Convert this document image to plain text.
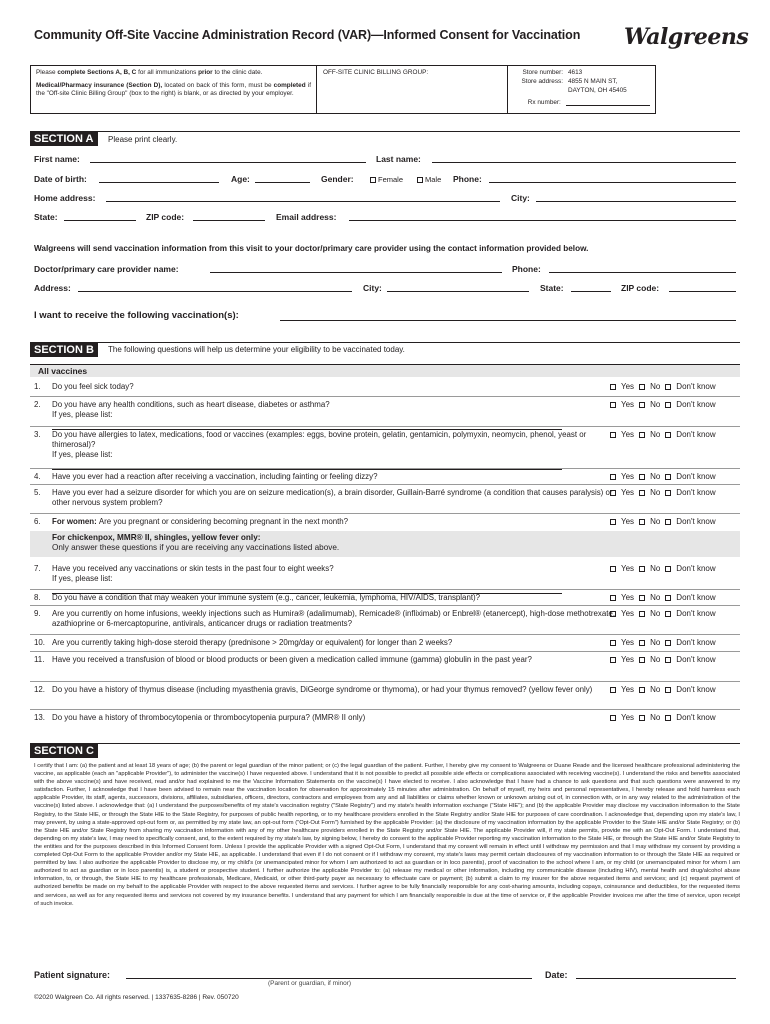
Community Off-Site Vaccine Administration Record (VAR)—Informed Consent for Vaccination Walgreens

Please complete Sections A, B, C for all immunizations prior to the clinic date.

Medical/Pharmacy insurance (Section D), located on back of this form, must be completed if the "Off-site Clinic Billing Group" (box to the right) is blank, or as directed by your employer.

OFF-SITE CLINIC BILLING GROUP:	Store number: 4613
Store address: 4855 N MAIN ST,
DAYTON, OH 45405
Rx number:
SECTION A	Please print clearly.
First name:	Last name:
Date of birth:	Age:	Gender:	Female	Male Phone:
Home address:	City:
State:	ZIP code:	Email address:
Walgreens will send vaccination information from this visit to your doctor/primary care provider using the contact information provided below.
Doctor/primary care provider name:	Phone:
Address:	City:	State:	ZIP code:
I want to receive the following vaccination(s):
SECTION B	The following questions will help us determine your eligibility to be vaccinated today.
All vaccines
1. Do you feel sick today?	Yes No Don't know
2. Do you have any health conditions, such as heart disease, diabetes or asthma?
If yes, please list:
Yes No Don't know
3. Do you have allergies to latex, medications, food or vaccines (examples: eggs, bovine protein, gelatin, gentamicin, polymyxin, neomycin, phenol, yeast or thimerosal)?
If yes, please list:
Yes No Don't know
4. Have you ever had a reaction after receiving a vaccination, including fainting or feeling dizzy?	Yes No Don't know
5. Have you ever had a seizure disorder for which you are on seizure medication(s), a brain disorder, Guillain-Barré syndrome (a condition that causes paralysis) or other nervous system problem?
Yes No Don't know
6. For women: Are you pregnant or considering becoming pregnant in the next month?	Yes No Don't know
7. Have you received any vaccinations or skin tests in the past four to eight weeks?
If yes, please list:
Yes No Don't know
8. Do you have a condition that may weaken your immune system (e.g., cancer, leukemia, lymphoma, HIV/AIDS, transplant)?	Yes No Don't know
9. Are you currently on home infusions, weekly injections such as Humira® (adalimumab), Remicade® (infliximab) or Enbrel® (etanercept), high-dose methotrexate, azathioprine or 6-mercaptopurine, antivirals, anticancer drugs or radiation treatments?
Yes No Don't know
10. Are you currently taking high-dose steroid therapy (prednisone > 20mg/day or equivalent) for longer than 2 weeks?	Yes No Don't know
11. Have you received a transfusion of blood or blood products or been given a medication called immune (gamma) globulin in the past year?	Yes No Don't know
12. Do you have a history of thymus disease (including myasthenia gravis, DiGeorge syndrome or thymoma), or had your thymus removed? (yellow fever only)	Yes No Don't know
13. Do you have a history of thrombocytopenia or thrombocytopenia purpura? (MMR® II only)	Yes No Don't know
For chickenpox, MMR® II, shingles, yellow fever only:
Only answer these questions if you are receiving any vaccinations listed above.
SECTION C
I certify that I am: (a) the patient and at least 18 years of age; (b) the parent or legal guardian of the minor patient; or (c) the legal guardian of the patient. Further, I hereby give my consent to Walgreens or Duane Reade and the licensed healthcare professional administering the vaccine, as applicable (each an "applicable Provider"), to administer the vaccine(s) I have requested above. I understand that it is not possible to predict all possible side effects or complications associated with receiving vaccine(s). I understand the risks and benefits associated with the above vaccine(s) and have received, read and/or had explained to me the Vaccine Information Statements on the vaccine(s) I have elected to receive. I also acknowledge that I have had a chance to ask questions and that such questions were answered to my satisfaction. Further, I acknowledge that I have been advised to remain near the vaccination location for observation for approximately 15 minutes after administration. On behalf of myself, my heirs and personal representatives, I hereby release and hold harmless each applicable Provider, its staff, agents, successors, divisions, affiliates, subsidiaries, officers, directors, contractors and employees from any and all liabilities or claims whether known or unknown arising out of, in connection with, or in any way related to the administration of the vaccine(s) listed above. I acknowledge that: (a) I understand the purposes/benefits of my state's vaccination registry ("State Registry") and my state's health information exchange ("State HIE"); and (b) the applicable Provider may disclose my vaccination information to the State Registry, to the State HIE, or through the State HIE to the State Registry, for purposes of public health reporting, or to my healthcare providers enrolled in the State Registry and/or State HIE for purposes of care coordination. I acknowledge that, depending upon my state's law, I may prevent, by using a state-approved opt-out form or, as permitted by my state law, an opt-out form ("Opt-Out Form") furnished by the applicable Provider: (a) the disclosure of my vaccination information by the applicable Provider to the State HIE and/or State Registry; or (b) the State HIE and/or State Registry from sharing my vaccination information with any of my other healthcare providers enrolled in the State Registry and/or State HIE. The applicable Provider will, if my state permits, provide me with an Opt-Out Form. I understand that, depending on my state's law, I may need to specifically consent, and, to the extent required by my state's law, by signing below, I hereby do consent to the applicable Provider reporting my vaccination information to the State HIE, or through the State HIE and/or State Registry to the entities and for the purposes described in this Informed Consent form. Unless I provide the applicable Provider with a signed Opt-Out Form, I understand that my consent will remain in effect until I withdraw my permission and that I may withdraw my consent by providing a completed Opt-Out Form to the applicable Provider and/or my State HIE, as applicable. I understand that even if I do not consent or if I withdraw my consent, my state's laws may permit certain disclosures of my vaccination information to or through the State HIE as required or permitted by law. I also authorize the applicable Provider to disclose my, or my child's (or unemancipated minor for whom I am authorized to act as guardian or in loco parentis), proof of vaccination to the school where I am, or my child (or unemancipated minor for whom I am authorized to act as guardian or in loco parentis) is, a student or prospective student. I further authorize the applicable Provider to: (a) release my medical or other information, including my communicable disease (including HIV), mental health and drug/alcohol abuse information, to, or through, the State HIE to my healthcare professionals, Medicare, Medicaid, or other third-party payer as necessary to effectuate care or payment; (b) submit a claim to my insurer for the above requested items and services; and (c) request payment of authorized benefits be made on my behalf to the applicable Provider with respect to the above requested items and services. I further agree to be fully financially responsible for any cost-sharing amounts, including copays, coinsurance and deductibles, for the requested items and services, as well as for any requested items and services not covered by my insurance benefits. I understand that any payment for which I am financially responsible is due at the time of service or, if the applicable Provider invoices me after the time of service, upon receipt of such invoice.
Patient signature:
(Parent or guardian, if minor)
Date:
©2020 Walgreen Co. All rights reserved. | 1337635-8286 | Rev. 050720
